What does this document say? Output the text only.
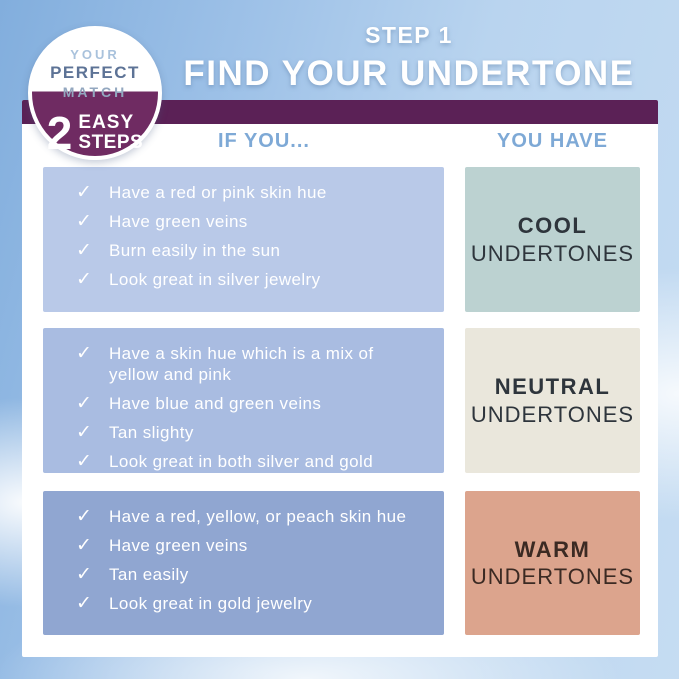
STEP 1
FIND YOUR UNDERTONE
IF YOU...	YOU HAVE
✓ Have a red or pink skin hue
✓ Have green veins
✓ Burn easily in the sun
✓ Look great in silver jewelry
COOL
UNDERTONES
✓ Have a skin hue which is a mix of yellow and pink
✓ Have blue and green veins
✓ Tan slighty
✓ Look great in both silver and gold
NEUTRAL
UNDERTONES
✓ Have a red, yellow, or peach skin hue
✓ Have green veins
✓ Tan easily
✓ Look great in gold jewelry
WARM
UNDERTONES
YOUR
PERFECT
MATCH
2 EASY
STEPS
